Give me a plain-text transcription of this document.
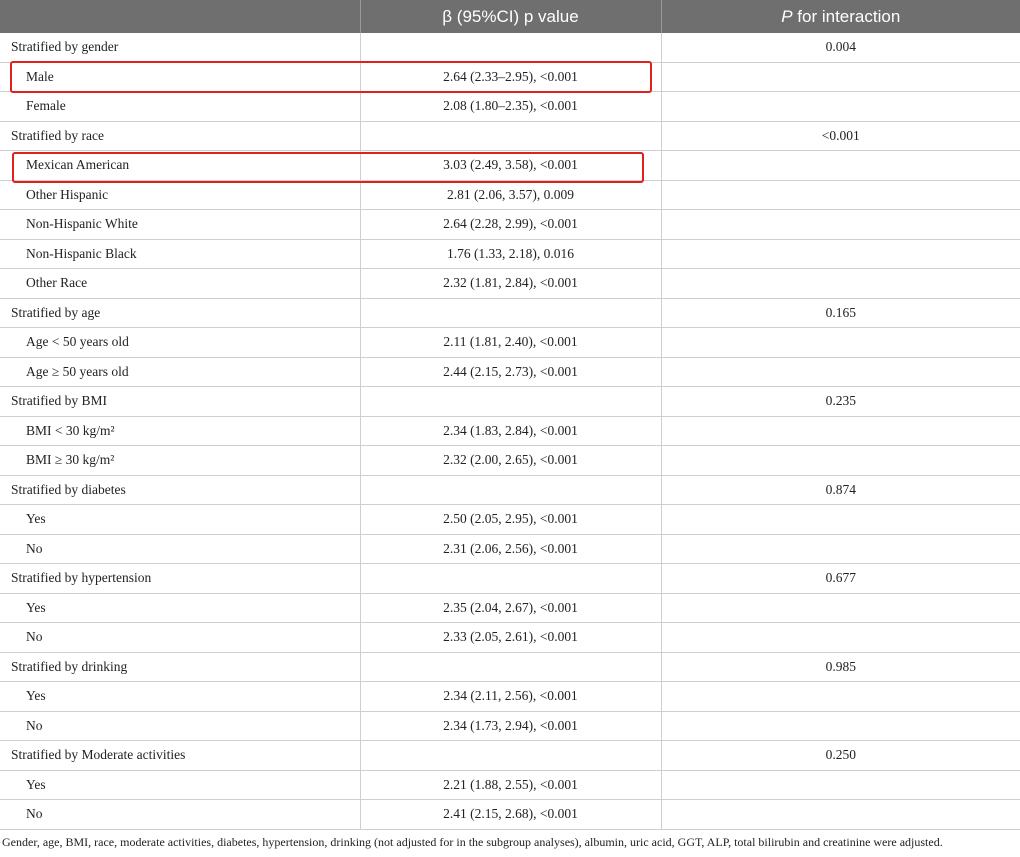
	β (95%CI) p value	P for interaction
Stratified by gender		0.004
Male	2.64 (2.33–2.95), <0.001	
Female	2.08 (1.80–2.35), <0.001	
Stratified by race		<0.001
Mexican American	3.03 (2.49, 3.58), <0.001	
Other Hispanic	2.81 (2.06, 3.57), 0.009	
Non-Hispanic White	2.64 (2.28, 2.99), <0.001	
Non-Hispanic Black	1.76 (1.33, 2.18), 0.016	
Other Race	2.32 (1.81, 2.84), <0.001	
Stratified by age		0.165
Age < 50 years old	2.11 (1.81, 2.40), <0.001	
Age ≥ 50 years old	2.44 (2.15, 2.73), <0.001	
Stratified by BMI		0.235
BMI < 30 kg/m²	2.34 (1.83, 2.84), <0.001	
BMI ≥ 30 kg/m²	2.32 (2.00, 2.65), <0.001	
Stratified by diabetes		0.874
Yes	2.50 (2.05, 2.95), <0.001	
No	2.31 (2.06, 2.56), <0.001	
Stratified by hypertension		0.677
Yes	2.35 (2.04, 2.67), <0.001	
No	2.33 (2.05, 2.61), <0.001	
Stratified by drinking		0.985
Yes	2.34 (2.11, 2.56), <0.001	
No	2.34 (1.73, 2.94), <0.001	
Stratified by Moderate activities		0.250
Yes	2.21 (1.88, 2.55), <0.001	
No	2.41 (2.15, 2.68), <0.001	
Gender, age, BMI, race, moderate activities, diabetes, hypertension, drinking (not adjusted for in the subgroup analyses), albumin, uric acid, GGT, ALP, total bilirubin and creatinine were adjusted.
